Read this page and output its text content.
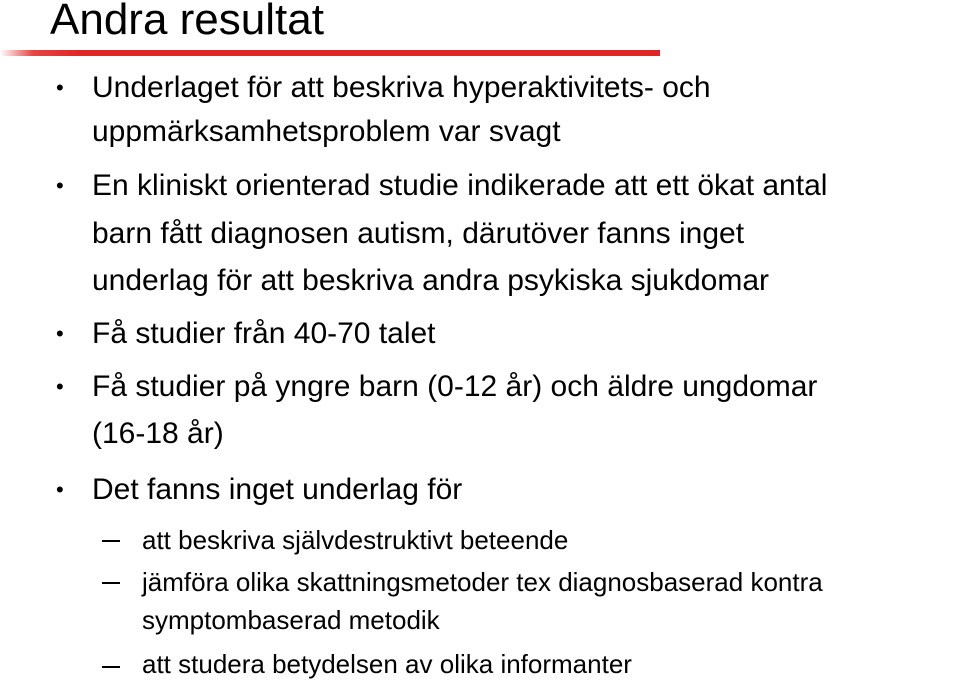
Andra resultat
• Underlaget för att beskriva hyperaktivitets- och
uppmärksamhetsproblem var svagt
• En kliniskt orienterad studie indikerade att ett ökat antal
barn fått diagnosen autism, därutöver fanns inget
underlag för att beskriva andra psykiska sjukdomar
• Få studier från 40-70 talet
• Få studier på yngre barn (0-12 år) och äldre ungdomar
(16-18 år)
• Det fanns inget underlag för
att beskriva självdestruktivt beteende
jämföra olika skattningsmetoder tex diagnosbaserad kontra
symptombaserad metodik
att studera betydelsen av olika informanter
